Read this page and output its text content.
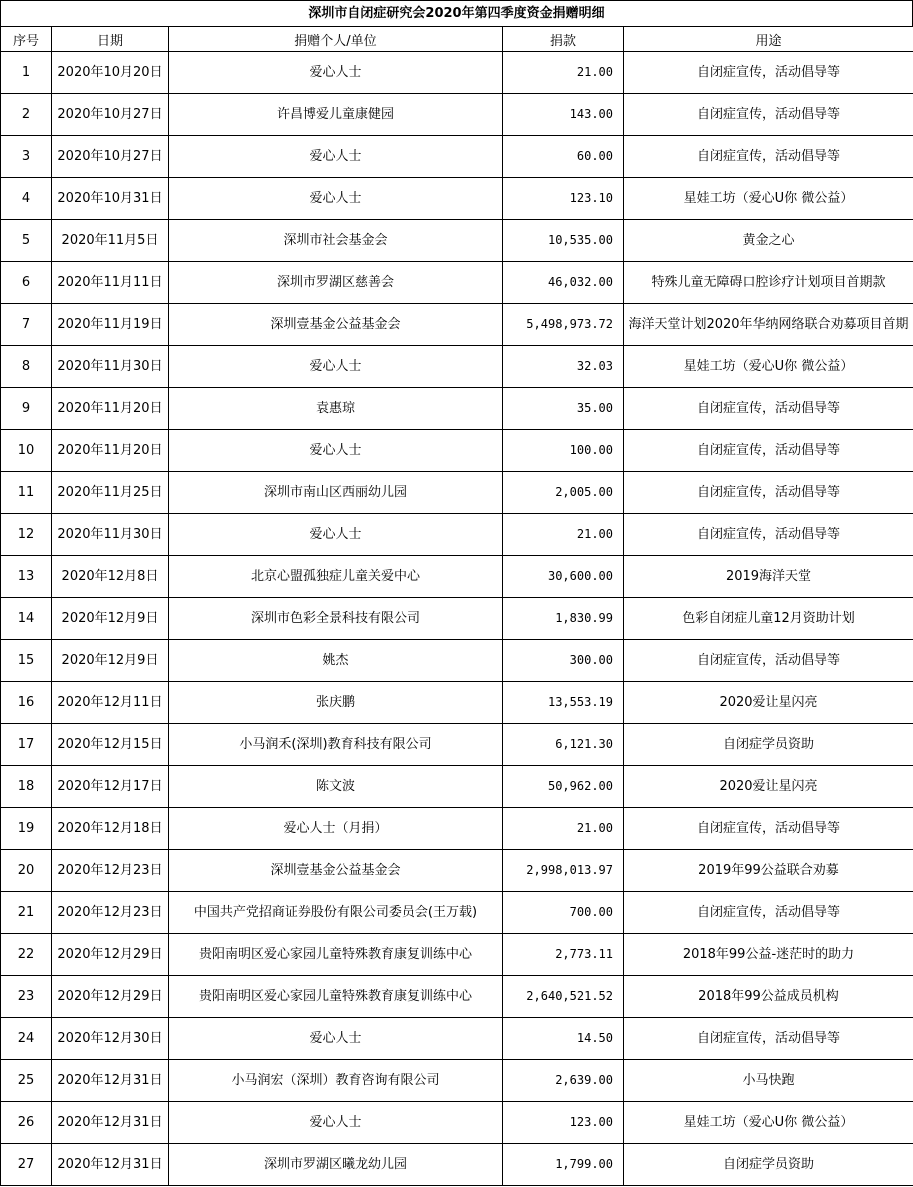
深圳市自闭症研究会2020年第四季度资金捐赠明细
序号	日期	捐赠个人/单位	捐款	用途
1	2020年10月20日	爱心人士	21.00	自闭症宣传，活动倡导等
2	2020年10月27日	许昌博爱儿童康健园	143.00	自闭症宣传，活动倡导等
3	2020年10月27日	爱心人士	60.00	自闭症宣传，活动倡导等
4	2020年10月31日	爱心人士	123.10	星娃工坊（爱心U你 微公益）
5	2020年11月5日	深圳市社会基金会	10,535.00	黄金之心
6	2020年11月11日	深圳市罗湖区慈善会	46,032.00	特殊儿童无障碍口腔诊疗计划项目首期款
7	2020年11月19日	深圳壹基金公益基金会	5,498,973.72	海洋天堂计划2020年华纳网络联合劝募项目首期
8	2020年11月30日	爱心人士	32.03	星娃工坊（爱心U你 微公益）
9	2020年11月20日	袁惠琼	35.00	自闭症宣传，活动倡导等
10	2020年11月20日	爱心人士	100.00	自闭症宣传，活动倡导等
11	2020年11月25日	深圳市南山区西丽幼儿园	2,005.00	自闭症宣传，活动倡导等
12	2020年11月30日	爱心人士	21.00	自闭症宣传，活动倡导等
13	2020年12月8日	北京心盟孤独症儿童关爱中心	30,600.00	2019海洋天堂
14	2020年12月9日	深圳市色彩全景科技有限公司	1,830.99	色彩自闭症儿童12月资助计划
15	2020年12月9日	姚杰	300.00	自闭症宣传，活动倡导等
16	2020年12月11日	张庆鹏	13,553.19	2020爱让星闪亮
17	2020年12月15日	小马润禾(深圳)教育科技有限公司	6,121.30	自闭症学员资助
18	2020年12月17日	陈文波	50,962.00	2020爱让星闪亮
19	2020年12月18日	爱心人士（月捐）	21.00	自闭症宣传，活动倡导等
20	2020年12月23日	深圳壹基金公益基金会	2,998,013.97	2019年99公益联合劝募
21	2020年12月23日	中国共产党招商证券股份有限公司委员会(王万载)	700.00	自闭症宣传，活动倡导等
22	2020年12月29日	贵阳南明区爱心家园儿童特殊教育康复训练中心	2,773.11	2018年99公益-迷茫时的助力
23	2020年12月29日	贵阳南明区爱心家园儿童特殊教育康复训练中心	2,640,521.52	2018年99公益成员机构
24	2020年12月30日	爱心人士	14.50	自闭症宣传，活动倡导等
25	2020年12月31日	小马润宏（深圳）教育咨询有限公司	2,639.00	小马快跑
26	2020年12月31日	爱心人士	123.00	星娃工坊（爱心U你 微公益）
27	2020年12月31日	深圳市罗湖区曦龙幼儿园	1,799.00	自闭症学员资助
